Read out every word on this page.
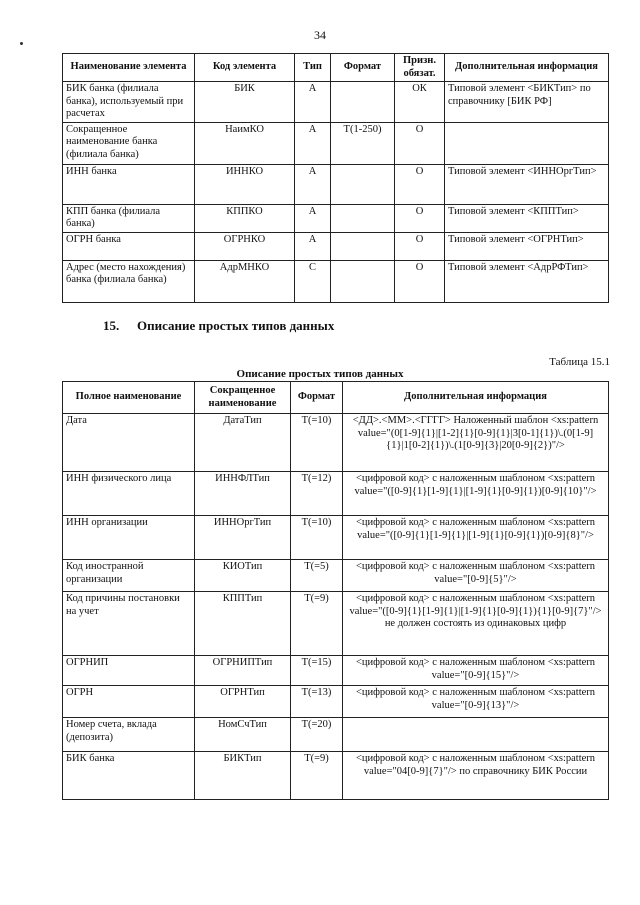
34
Наименование элемента	Код элемента	Тип	Формат	Призн. обязат.	Дополнительная информация
БИК банка (филиала банка), используемый при расчетах	БИК	А		ОК	Типовой элемент <БИКТип> по справочнику [БИК РФ]
Сокращенное наименование банка (филиала банка)	НаимКО	А	Т(1-250)	О	
ИНН банка	ИННКО	А		О	Типовой элемент <ИННОргТип>
КПП банка (филиала банка)	КППКО	А		О	Типовой элемент <КППТип>
ОГРН банка	ОГРНКО	А		О	Типовой элемент <ОГРНТип>
Адрес (место нахождения) банка (филиала банка)	АдрМНКО	С		О	Типовой элемент <АдрРФТип>
15. Описание простых типов данных
Таблица 15.1
Описание простых типов данных
Полное наименование	Сокращенное наименование	Формат	Дополнительная информация
Дата	ДатаТип	Т(=10)	<ДД>.<ММ>.<ГГГГ> Наложенный шаблон <xs:pattern value="(0[1-9]{1}|[1-2]{1}[0-9]{1}|3[0-1]{1})\.(0[1-9]{1}|1[0-2]{1})\.(1[0-9]{3}|20[0-9]{2})"/>
ИНН физического лица	ИННФЛТип	Т(=12)	<цифровой код> с наложенным шаблоном <xs:pattern value="([0-9]{1}[1-9]{1}|[1-9]{1}[0-9]{1})[0-9]{10}"/>
ИНН организации	ИННОргТип	Т(=10)	<цифровой код> с наложенным шаблоном <xs:pattern value="([0-9]{1}[1-9]{1}|[1-9]{1}[0-9]{1})[0-9]{8}"/>
Код иностранной организации	КИОТип	Т(=5)	<цифровой код> с наложенным шаблоном <xs:pattern value="[0-9]{5}"/>
Код причины постановки на учет	КППТип	Т(=9)	<цифровой код> с наложенным шаблоном <xs:pattern value="([0-9]{1}[1-9]{1}|[1-9]{1}[0-9]{1}){1}[0-9]{7}"/> не должен состоять из одинаковых цифр
ОГРНИП	ОГРНИПТип	Т(=15)	<цифровой код> с наложенным шаблоном <xs:pattern value="[0-9]{15}"/>
ОГРН	ОГРНТип	Т(=13)	<цифровой код> с наложенным шаблоном <xs:pattern value="[0-9]{13}"/>
Номер счета, вклада (депозита)	НомСчТип	Т(=20)	
БИК банка	БИКТип	Т(=9)	<цифровой код> с наложенным шаблоном <xs:pattern value="04[0-9]{7}"/> по справочнику БИК России
